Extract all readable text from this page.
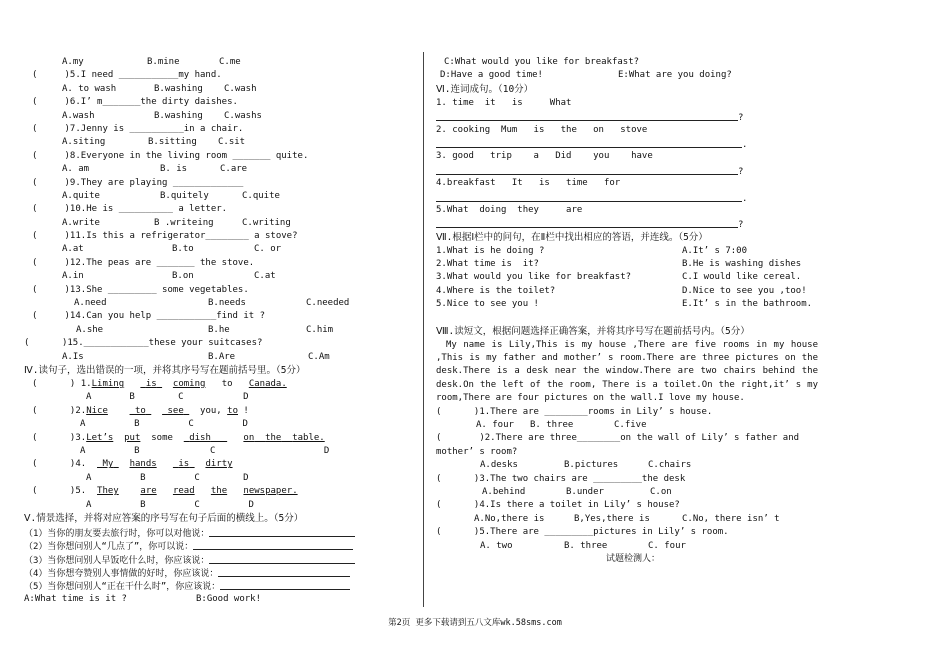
A.my	B.mine	C.me
(	)5.I need ___________my hand.
A. to wash	B.washing	C.wash
(	)6.I’ m_______the dirty daishes.
A.wash	B.washing	C.washs
(	)7.Jenny is __________in a chair.
A.siting	B.sitting	C.sit
(	)8.Everyone in the living room _______ quite.
A. am	B. is	C.are
(	)9.They are playing _____________
A.quite	B.quitely	C.quite
(	)10.He is __________ a letter.
A.write	B .writeing	C.writing
(	)11.Is this a refrigerator________ a stove?
A.at	B.to	C. or
(	)12.The peas are _______ the stove.
A.in	B.on	C.at
(	)13.She _________ some vegetables.
A.need	B.needs	C.needed
(	)14.Can you help ___________find it ?
A.she	B.he	C.him
(	)15.____________these your suitcases?
A.Is	B.Are	C.Am
Ⅳ.读句子，选出错误的一项，并将其序号写在题前括号里。（5分）
(      ) 1.Liming is coming to Canada.
A       B        C           D
(      )2.Nice	to see you, to !
A         B         C         D
(      )3.Let’s put some dish	on the table.
A         B             C                    D
(      )4. My hands is dirty
A         B         C        D
(      )5. They are read the newspaper.
A         B         C         D
Ⅴ.情景选择，并将对应答案的序号写在句子后面的横线上。（5分）
（1）当你的朋友要去旅行时，你可以对他说：
（2）当你想问别人“几点了”，你可以说：
（3）当你想问别人早饭吃什么时，你应该说：
（4）当你想夸赞别人事情做的好时，你应该说：
（5）当你想问别人“正在干什么时”，你应该说：
A:What time is it ?	B:Good work!
C:What would you like for breakfast?
D:Have a good time!	E:What are you doing?
Ⅵ.连词成句。（10分）
1. time  it   is     What
?
2. cooking  Mum   is   the   on   stove
.
3. good   trip    a   Did    you    have
?
4.breakfast   It   is   time   for
.
5.What  doing  they     are
?
Ⅶ.根据Ⅰ栏中的问句，在Ⅱ栏中找出相应的答语，并连线。（5分）
1.What is he doing ?	A.It’ s 7:00
2.What time is  it?	B.He is washing dishes
3.What would you like for breakfast?	C.I would like cereal.
4.Where is the toilet?	D.Nice to see you ,too!
5.Nice to see you !	E.It’ s in the bathroom.
Ⅷ.读短文，根据问题选择正确答案，并将其序号写在题前括号内。（5分）
My name is Lily,This is my house ,There are five rooms in my house ,This is my father and mother’ s room.There are three pictures on the desk.There is a desk near the window.There are two chairs behind the desk.On the left of the room, There is a toilet.On the right,it’ s my room,There are four pictures on the wall.I love my house.
(      )1.There are ________rooms in Lily’ s house.
A. four	B. three	C.five
(       )2.There are three________on the wall of Lily’ s father and
mother’ s room?
A.desks	B.pictures	C.chairs
(      )3.The two chairs are _________the desk
A.behind	B.under	C.on
(      )4.Is there a toilet in Lily’ s house?
A.No,there is	B,Yes,there is	C.No, there isn’ t
(      )5.There are _________pictures in Lily’ s room.
A. two	B. three	C. four
试题检测人：
第2页 更多下载请到五八文库wk.58sms.com
